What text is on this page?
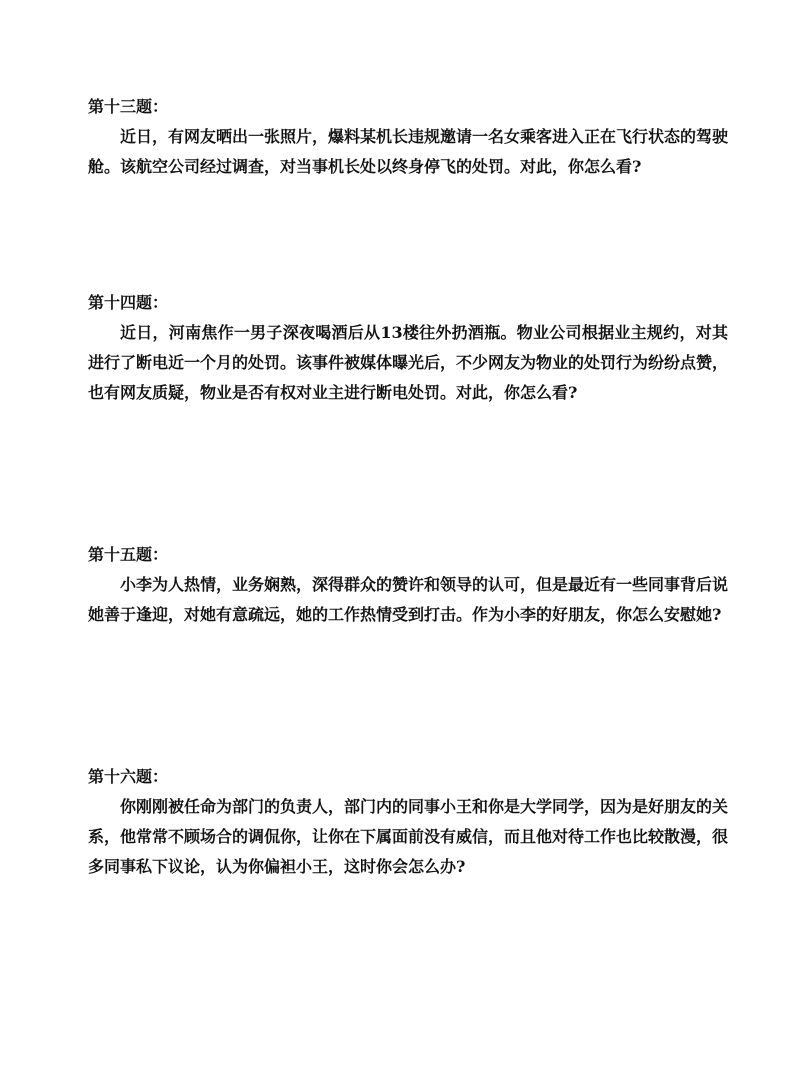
第十三题：
近日，有网友晒出一张照片，爆料某机长违规邀请一名女乘客进入正在飞行状态的驾驶舱。该航空公司经过调查，对当事机长处以终身停飞的处罚。对此，你怎么看?
第十四题：
近日，河南焦作一男子深夜喝酒后从13楼往外扔酒瓶。物业公司根据业主规约，对其进行了断电近一个月的处罚。该事件被媒体曝光后，不少网友为物业的处罚行为纷纷点赞，也有网友质疑，物业是否有权对业主进行断电处罚。对此，你怎么看?
第十五题：
小李为人热情，业务娴熟，深得群众的赞许和领导的认可，但是最近有一些同事背后说她善于逢迎，对她有意疏远，她的工作热情受到打击。作为小李的好朋友，你怎么安慰她?
第十六题：
你刚刚被任命为部门的负责人，部门内的同事小王和你是大学同学，因为是好朋友的关系，他常常不顾场合的调侃你，让你在下属面前没有威信，而且他对待工作也比较散漫，很多同事私下议论，认为你偏袒小王，这时你会怎么办?
